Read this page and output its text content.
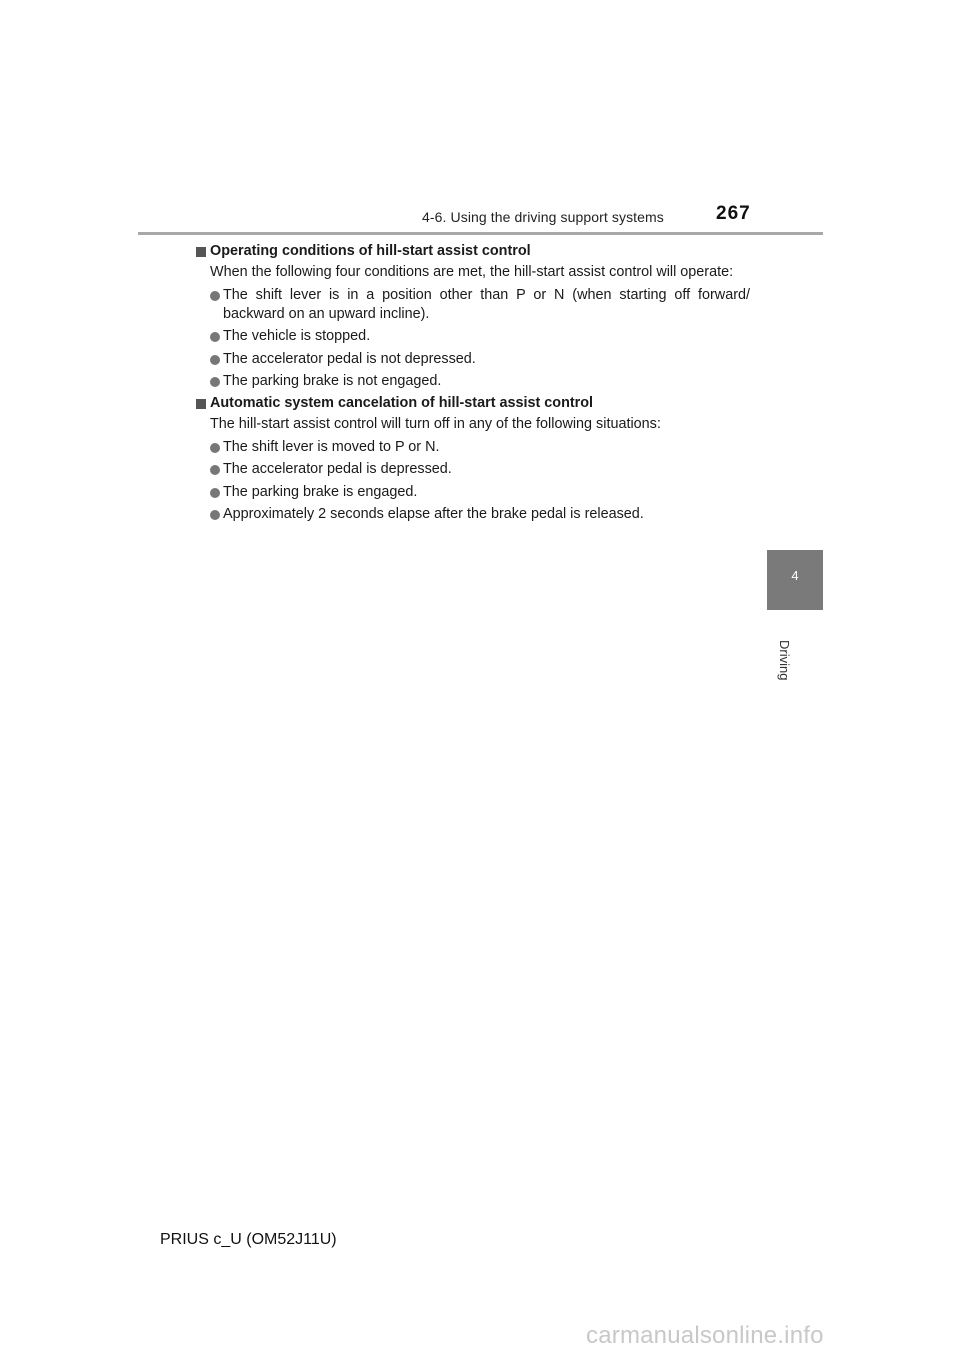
4-6. Using the driving support systems	267

Operating conditions of hill-start assist control

When the following four conditions are met, the hill-start assist control will operate:

The shift lever is in a position other than P or N (when starting off forward/ backward on an upward incline).
The vehicle is stopped.
The accelerator pedal is not depressed.
The parking brake is not engaged.

Automatic system cancelation of hill-start assist control

The hill-start assist control will turn off in any of the following situations:

The shift lever is moved to P or N.
The accelerator pedal is depressed.
The parking brake is engaged.
Approximately 2 seconds elapse after the brake pedal is released.
4
Driving
PRIUS c_U (OM52J11U)
carmanualsonline.info
